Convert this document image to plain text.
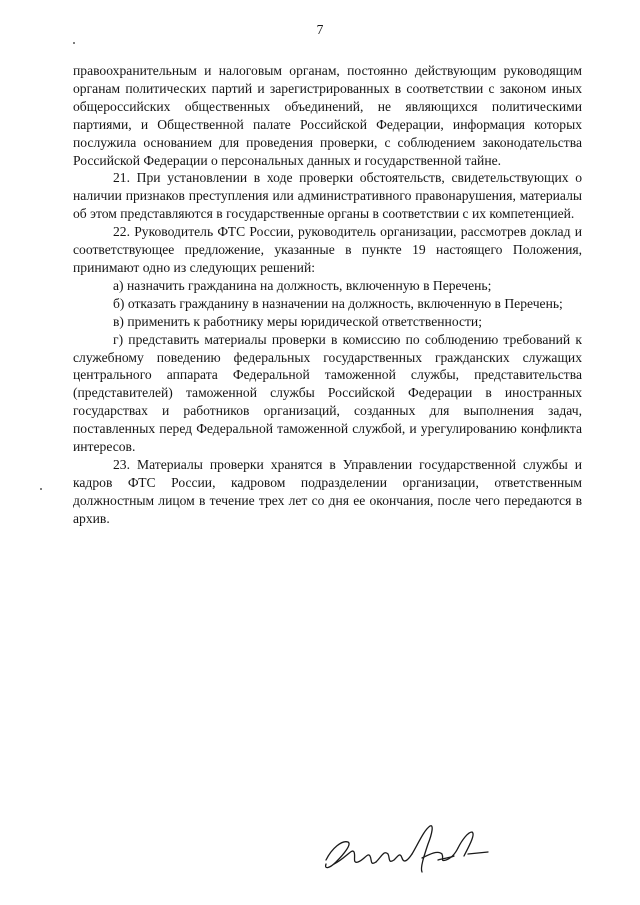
7

правоохранительным и налоговым органам, постоянно действующим руководящим органам политических партий и зарегистрированных в соответствии с законом иных общероссийских общественных объединений, не являющихся политическими партиями, и Общественной палате Российской Федерации, информация которых послужила основанием для проведения проверки, с соблюдением законодательства Российской Федерации о персональных данных и государственной тайне.

21. При установлении в ходе проверки обстоятельств, свидетельствующих о наличии признаков преступления или административного правонарушения, материалы об этом представляются в государственные органы в соответствии с их компетенцией.

22. Руководитель ФТС России, руководитель организации, рассмотрев доклад и соответствующее предложение, указанные в пункте 19 настоящего Положения, принимают одно из следующих решений:

а) назначить гражданина на должность, включенную в Перечень;

б) отказать гражданину в назначении на должность, включенную в Перечень;

в) применить к работнику меры юридической ответственности;

г) представить материалы проверки в комиссию по соблюдению требований к служебному поведению федеральных государственных гражданских служащих центрального аппарата Федеральной таможенной службы, представительства (представителей) таможенной службы Российской Федерации в иностранных государствах и работников организаций, созданных для выполнения задач, поставленных перед Федеральной таможенной службой, и урегулированию конфликта интересов.

23. Материалы проверки хранятся в Управлении государственной службы и кадров ФТС России, кадровом подразделении организации, ответственным должностным лицом в течение трех лет со дня ее окончания, после чего передаются в архив.
